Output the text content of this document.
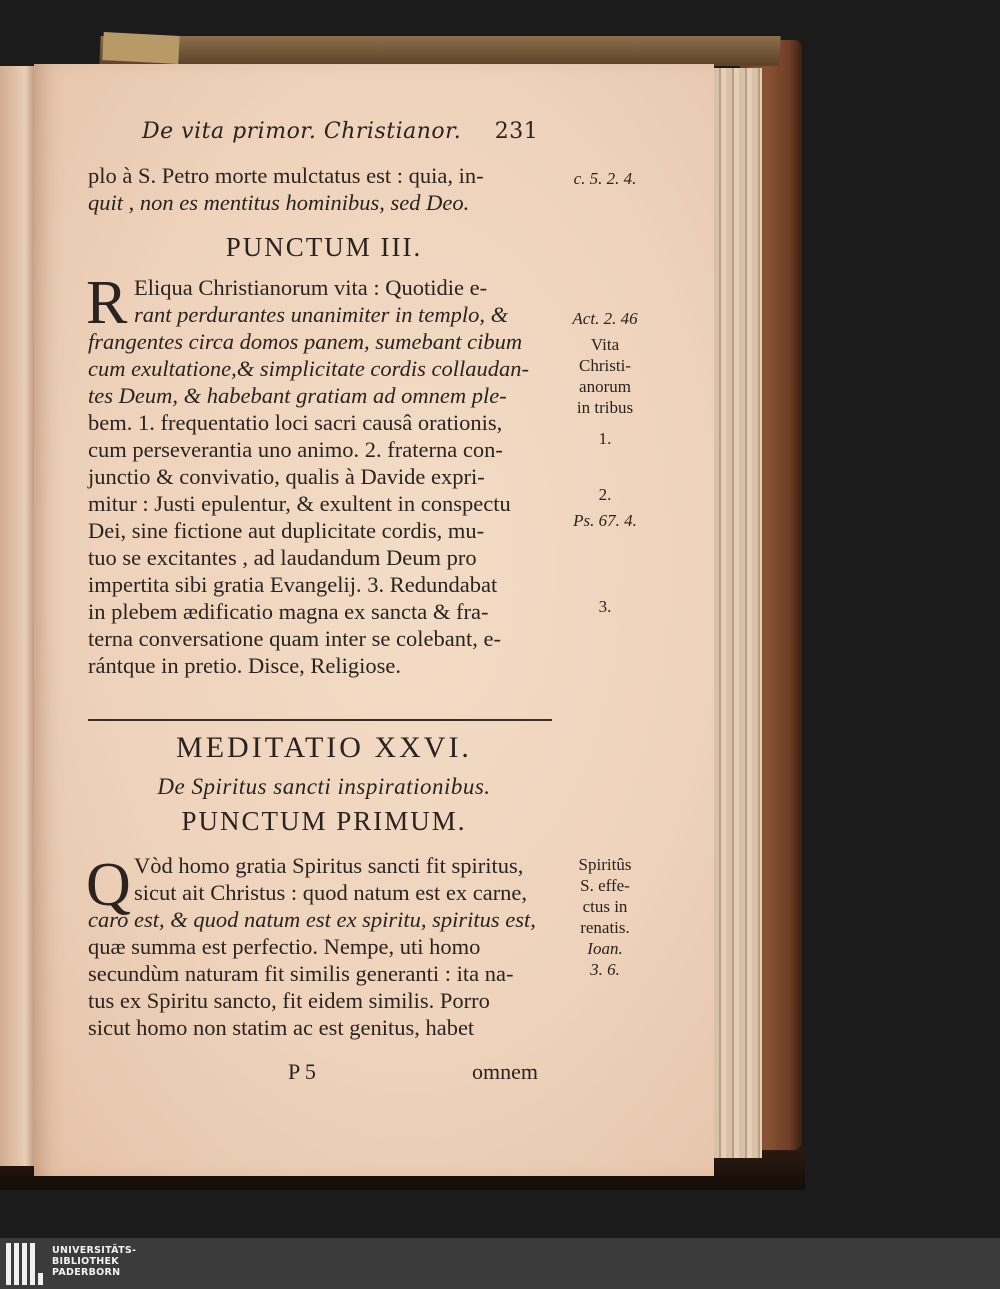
De vita primor. Christianor. 231
plo à S. Petro morte mulctatus est : quia, in-
quit , non es mentitus hominibus, sed Deo.
PUNCTUM III.
R Eliqua Christianorum vita : Quotidie e-
rant perdurantes unanimiter in templo, &
frangentes circa domos panem, sumebant cibum
cum exultatione,& simplicitate cordis collaudan-
tes Deum, & habebant gratiam ad omnem ple-
bem. 1. frequentatio loci sacri causâ orationis,
cum perseverantia uno animo. 2. fraterna con-
junctio & convivatio, qualis à Davide expri-
mitur : Justi epulentur, & exultent in conspectu
Dei, sine fictione aut duplicitate cordis, mu-
tuo se excitantes , ad laudandum Deum pro
impertita sibi gratia Evangelij. 3. Redundabat
in plebem ædificatio magna ex sancta & fra-
terna conversatione quam inter se colebant, e-
rántque in pretio. Disce, Religiose.
MEDITATIO XXVI.
De Spiritus sancti inspirationibus.
PUNCTUM PRIMUM.
Q Vòd homo gratia Spiritus sancti fit spiritus,
sicut ait Christus : quod natum est ex carne,
caro est, & quod natum est ex spiritu, spiritus est,
quæ summa est perfectio. Nempe, uti homo
secundùm naturam fit similis generanti : ita na-
tus ex Spiritu sancto, fit eidem similis. Porro
sicut homo non statim ac est genitus, habet
P 5	omnem
c. 5. 2. 4.
Act. 2. 46
Vita
Christi-
anorum
in tribus
1.
2.
Ps. 67. 4.
3.
Spiritûs
S. effe-
ctus in
renatis.
Ioan.
3. 6.
UNIVERSITÄTS-
BIBLIOTHEK
PADERBORN
